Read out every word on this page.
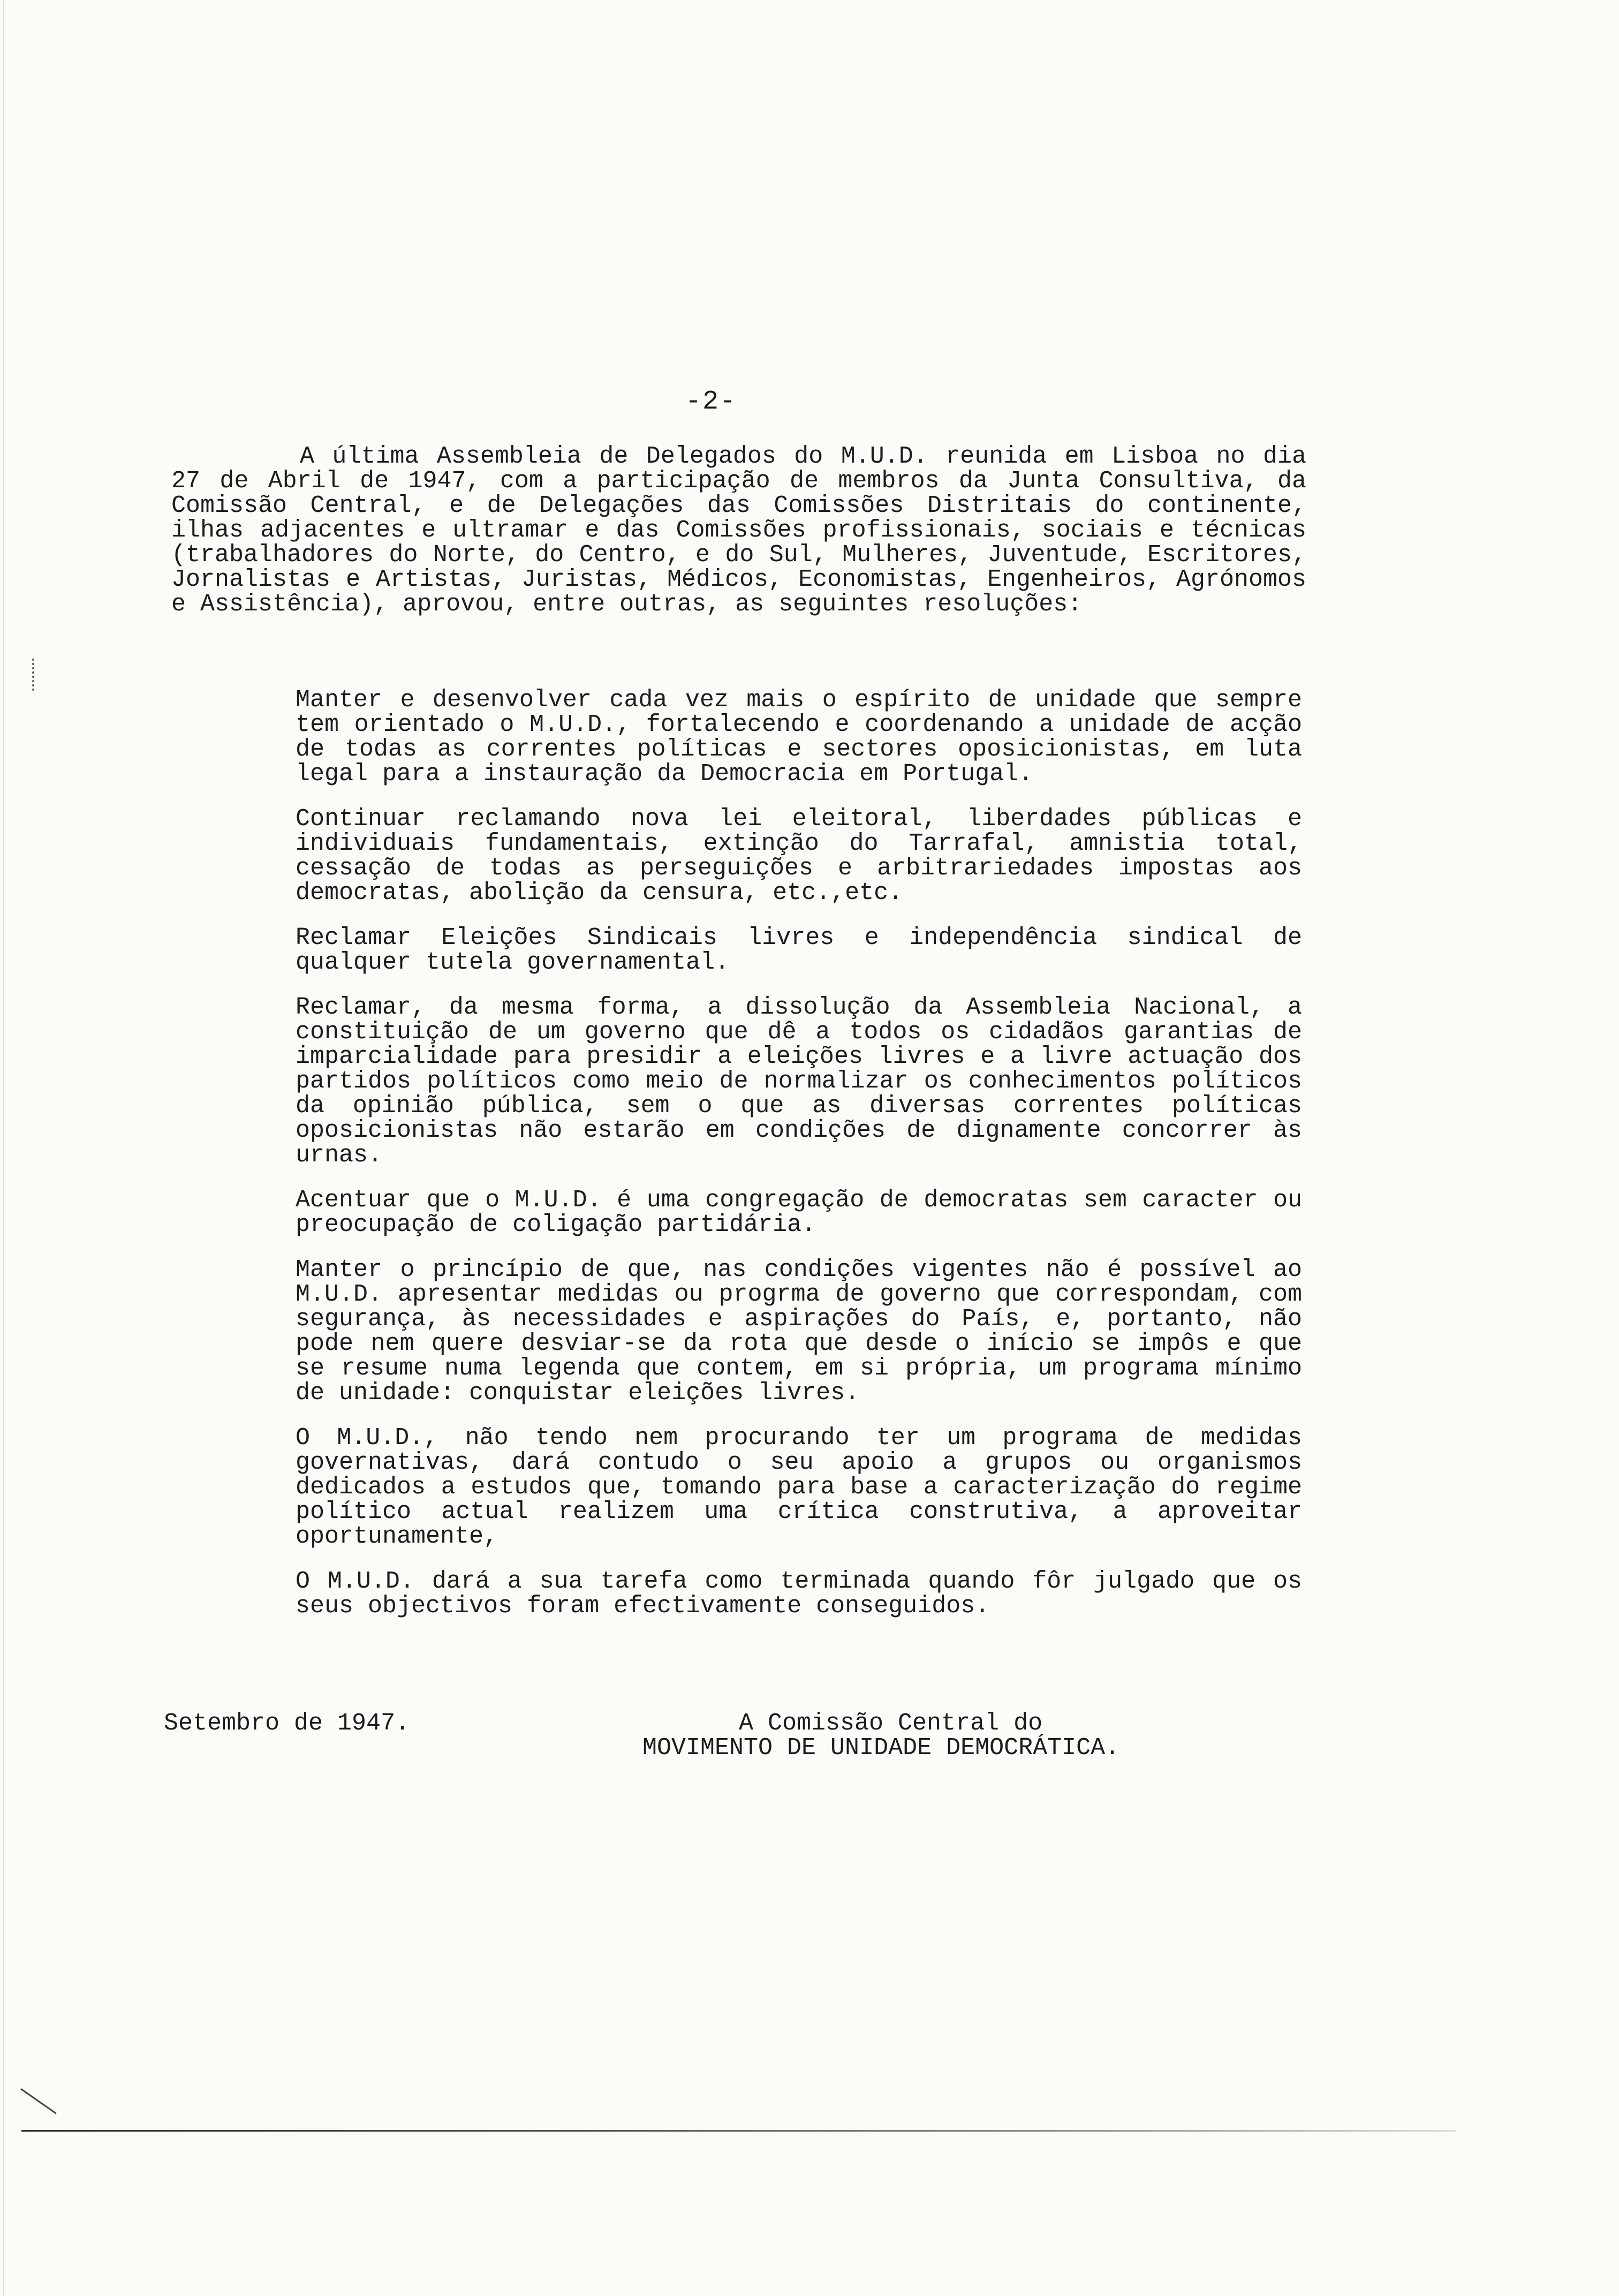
-2-

A última Assembleia de Delegados do M.U.D. reunida em Lisboa no dia 27 de Abril de 1947, com a participação de membros da Junta Consultiva, da Comissão Central, e de Delegações das Comissões Distritais do continente, ilhas adjacentes e ultramar e das Comissões profissionais, sociais e técnicas (trabalhadores do Norte, do Centro, e do Sul, Mulheres, Juventude, Escritores, Jornalistas e Artistas, Juristas, Médicos, Economistas, Engenheiros, Agrónomos e Assistência), aprovou, entre outras, as seguintes resoluções:

Manter e desenvolver cada vez mais o espírito de unidade que sempre tem orientado o M.U.D., fortalecendo e coordenando a unidade de acção de todas as correntes políticas e sectores oposicionistas, em luta legal para a instauração da Democracia em Portugal.
Continuar reclamando nova lei eleitoral, liberdades públicas e individuais fundamentais, extinção do Tarrafal, amnistia total, cessação de todas as perseguições e arbitrariedades impostas aos democratas, abolição da censura, etc.,etc.
Reclamar Eleições Sindicais livres e independência sindical de qualquer tutela governamental.
Reclamar, da mesma forma, a dissolução da Assembleia Nacional, a constituição de um governo que dê a todos os cidadãos garantias de imparcialidade para presidir a eleições livres e a livre actuação dos partidos políticos como meio de normalizar os conhecimentos políticos da opinião pública, sem o que as diversas correntes políticas oposicionistas não estarão em condições de dignamente concorrer às urnas.
Acentuar que o M.U.D. é uma congregação de democratas sem caracter ou preocupação de coligação partidária.
Manter o princípio de que, nas condições vigentes não é possível ao M.U.D. apresentar medidas ou progrma de governo que correspondam, com segurança, às necessidades e aspirações do País, e, portanto, não pode nem quere desviar-se da rota que desde o início se impôs e que se resume numa legenda que contem, em si própria, um programa mínimo de unidade: conquistar eleições livres.
O M.U.D., não tendo nem procurando ter um programa de medidas governativas, dará contudo o seu apoio a grupos ou organismos dedicados a estudos que, tomando para base a caracterização do regime político actual realizem uma crítica construtiva, a aproveitar oportunamente,
O M.U.D. dará a sua tarefa como terminada quando fôr julgado que os seus objectivos foram efectivamente conseguidos.
Setembro de 1947.	A Comissão Central do
MOVIMENTO DE UNIDADE DEMOCRÁTICA.
